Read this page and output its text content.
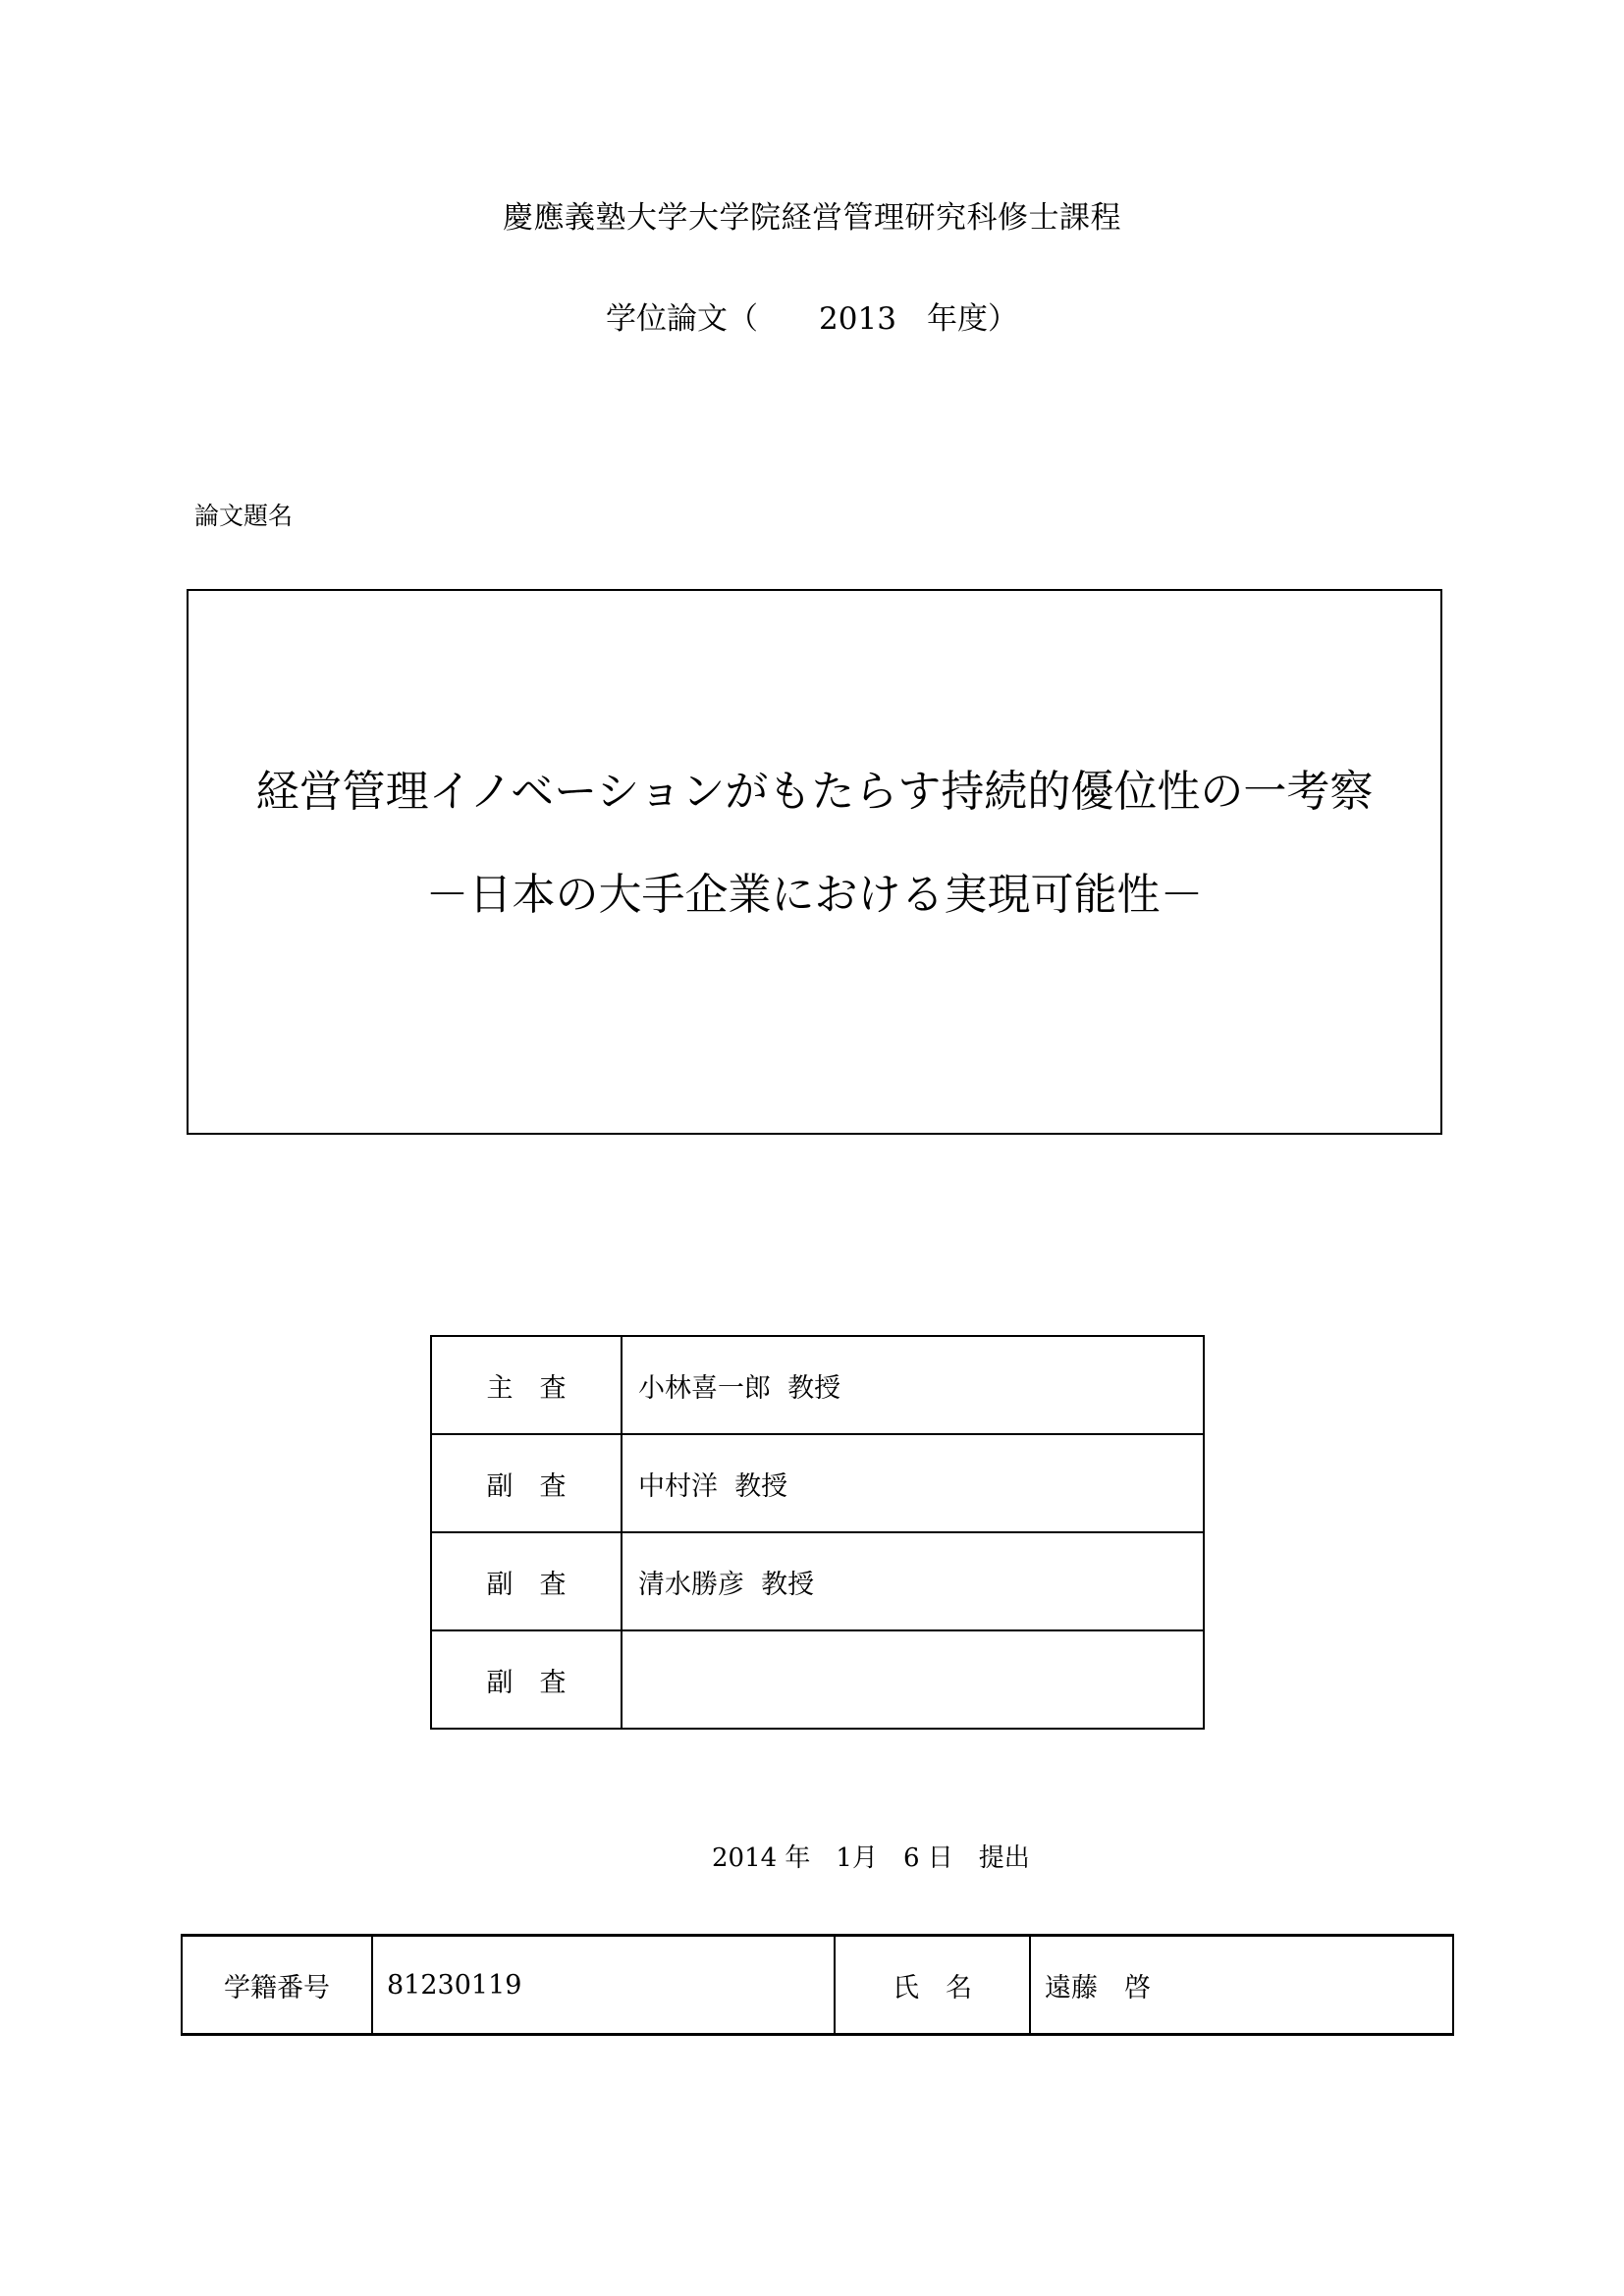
慶應義塾大学大学院経営管理研究科修士課程
学位論文（　　2013　年度）
論文題名
経営管理イノベーションがもたらす持続的優位性の一考察
－日本の大手企業における実現可能性－
主　査	小林喜一郎  教授
副　査	中村洋  教授
副　査	清水勝彦  教授
副　査	
2014 年　1月　6 日　提出
学籍番号	81230119	氏　名	遠藤　啓
